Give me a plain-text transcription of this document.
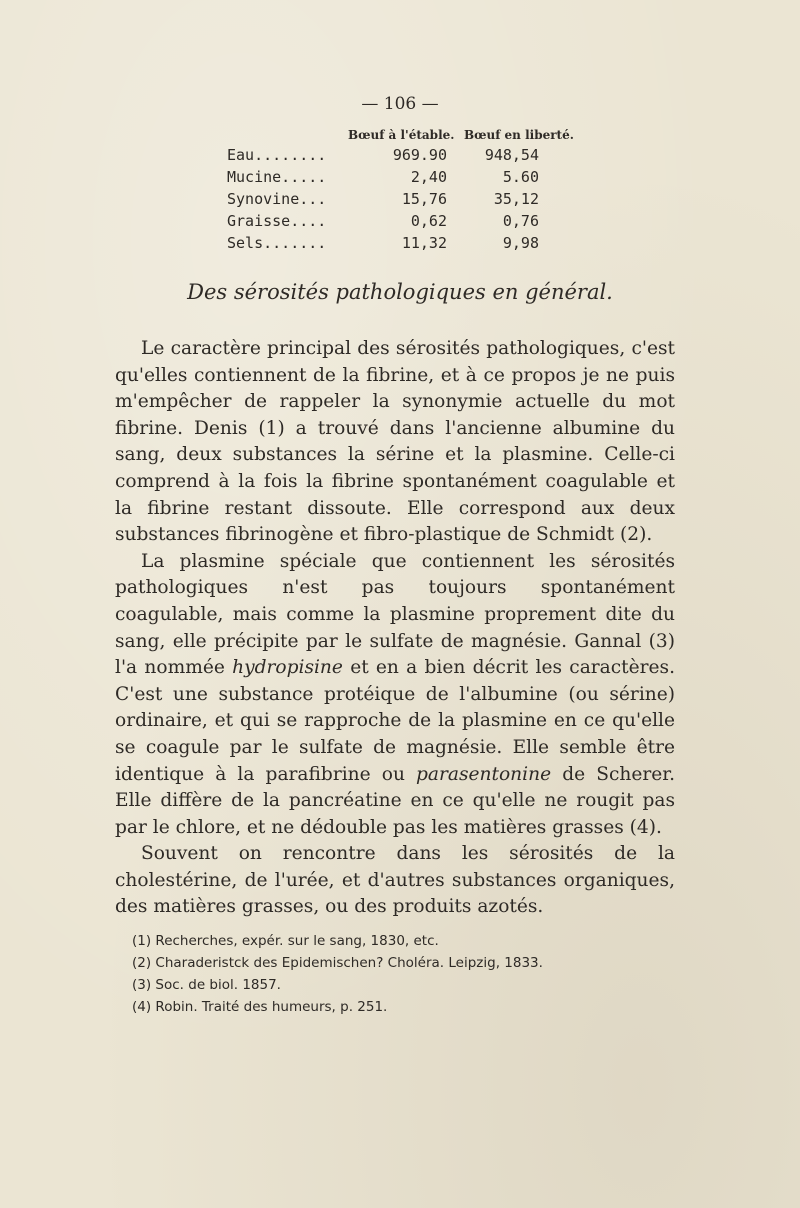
— 106 —
Bœuf à l'étable. Bœuf en liberté.
Eau........	969.90	948,54
Mucine.....	2,40	5.60
Synovine...	15,76	35,12
Graisse....	0,62	0,76
Sels.......	11,32	9,98
Des sérosités pathologiques en général.

Le caractère principal des sérosités pathologiques, c'est qu'elles contiennent de la fibrine, et à ce propos je ne puis m'empêcher de rappeler la synonymie actuelle du mot fibrine. Denis (1) a trouvé dans l'ancienne albumine du sang, deux substances la sérine et la plasmine. Celle-ci comprend à la fois la fibrine spontanément coagulable et la fibrine restant dissoute. Elle correspond aux deux substances fibrinogène et fibro-plastique de Schmidt (2).

La plasmine spéciale que contiennent les sérosités pathologiques n'est pas toujours spontanément coagulable, mais comme la plasmine proprement dite du sang, elle précipite par le sulfate de magnésie. Gannal (3) l'a nommée hydropisine et en a bien décrit les caractères. C'est une substance protéique de l'albumine (ou sérine) ordinaire, et qui se rapproche de la plasmine en ce qu'elle se coagule par le sulfate de magnésie. Elle semble être identique à la parafibrine ou parasentonine de Scherer. Elle diffère de la pancréatine en ce qu'elle ne rougit pas par le chlore, et ne dédouble pas les matières grasses (4).

Souvent on rencontre dans les sérosités de la cholestérine, de l'urée, et d'autres substances organiques, des matières grasses, ou des produits azotés.

(1) Recherches, expér. sur le sang, 1830, etc.
(2) Charaderistck des Epidemischen? Choléra. Leipzig, 1833.
(3) Soc. de biol. 1857.
(4) Robin. Traité des humeurs, p. 251.
